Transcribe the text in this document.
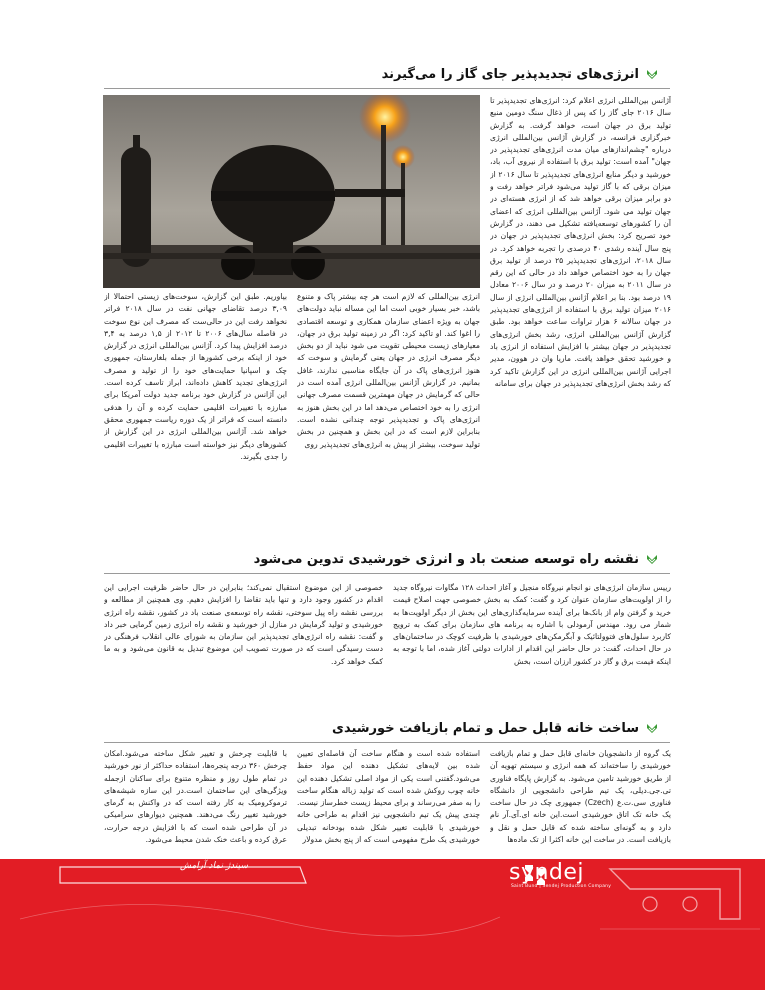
انرژی‌های تجدیدپذیر جای گاز را می‌گیرند
آژانس بین‌المللی انرژی اعلام کرد: انرژی‌های تجدیدپذیر تا سال ۲۰۱۶ جای گاز را که پس از ذغال سنگ دومین منبع تولید برق در جهان است، خواهد گرفت. به گزارش خبرگزاری فرانسه، در گزارش آژانس بین‌المللی انرژی درباره "چشم‌اندازهای میان مدت انرژی‌های تجدیدپذیر در جهان" آمده است: تولید برق با استفاده از نیروی آب، باد، خورشید و دیگر منابع انرژی‌های تجدیدپذیر تا سال ۲۰۱۶ از میزان برقی که با گاز تولید می‌شود فراتر خواهد رفت و دو برابر میزان برقی خواهد شد که از انرژی هسته‌ای در جهان تولید می شود. آژانس بین‌المللی انرژی که اعضای آن را کشورهای توسعه‌یافته تشکیل می دهند، در گزارش خود تصریح کرد: بخش انرژی‌های تجدیدپذیر در جهان در پنج سال آینده رشدی ۴۰ درصدی را تجربه خواهد کرد. در سال ۲۰۱۸، انرژی‌های تجدیدپذیر ۲۵ درصد از تولید برق جهان را به خود اختصاص خواهد داد در حالی که این رقم در سال ۲۰۱۱ به میزان ۲۰ درصد و در سال ۲۰۰۶ معادل ۱۹ درصد بود. بنا بر اعلام آژانس بین‌المللی انرژی از سال ۲۰۱۶ میزان تولید برق با استفاده از انرژی‌های تجدیدپذیر در جهان سالانه ۶ هزار تراوات ساعت خواهد بود. طبق گزارش آژانس بین‌المللی انرژی، رشد بخش انرژی‌های تجدیدپذیر در جهان بیشتر با افزایش استفاده از انرژی باد و خورشید تحقق خواهد یافت. ماریا وان در هوون، مدیر اجرایی آژانس بین‌المللی انرژی در این گزارش تاکید کرد که رشد بخش انرژی‌های تجدیدپذیر در جهان برای سامانه
انرژی بین‌المللی که لازم است هر چه بیشتر پاک و متنوع باشد، خبر بسیار خوبی است اما این مساله نباید دولت‌های جهان به ویژه اعضای سازمان همکاری و توسعه اقتصادی را اغوا کند. او تاکید کرد: اگر در زمینه تولید برق در جهان، معیارهای زیست محیطی تقویت می شود نباید از دو بخش دیگر مصرف انرژی در جهان یعنی گرمایش و سوخت که هنوز انرژی‌های پاک در آن جایگاه مناسبی ندارند، غافل بمانیم. در گزارش آژانس بین‌المللی انرژی آمده است در حالی که گرمایش در جهان مهمترین قسمت مصرف جهانی انرژی را به خود اختصاص می‌دهد اما در این بخش هنوز به انرژی‌های پاک و تجدیدپذیر توجه چندانی نشده است. بنابراین لازم است که در این بخش و همچنین در بخش تولید سوخت، بیشتر از پیش به انرژی‌های تجدیدپذیر روی
بیاوریم. طبق این گزارش، سوخت‌های زیستی احتمالا از ۳,۰۹ درصد تقاضای جهانی نفت در سال ۲۰۱۸ فراتر نخواهد رفت این در حالی‌ست که مصرف این نوع سوخت در فاصله سال‌های ۲۰۰۶ تا ۲۰۱۲ از ۱,۵ درصد به ۳,۴ درصد افزایش پیدا کرد. آژانس بین‌المللی انرژی در گزارش خود از اینکه برخی کشورها از جمله بلغارستان، جمهوری چک و اسپانیا حمایت‌های خود را از تولید و مصرف انرژی‌های تجدید کاهش داده‌اند، ابراز تاسف کرده است. این آژانس در گزارش خود برنامه جدید دولت آمریکا برای مبارزه با تغییرات اقلیمی حمایت کرده و آن را هدفی دانسته است که فراتر از یک دوره ریاست جمهوری محقق خواهد شد. آژانس بین‌المللی انرژی در این گزارش از کشورهای دیگر نیز خواسته است مبارزه با تغییرات اقلیمی را جدی بگیرند.
نقشه راه توسعه صنعت باد و انرژی خورشیدی تدوین می‌شود
رییس سازمان انرژی‌های نو انجام نیروگاه منجیل و آغاز احداث ۱۲۸ مگاوات نیروگاه جدید را از اولویت‌های سازمان عنوان کرد و گفت: کمک به بخش خصوصی جهت اصلاح قیمت خرید و گرفتن وام از بانک‌ها برای آینده سرمایه‌گذاری‌های این بخش از دیگر اولویت‌ها به شمار می رود. مهندس آرمودلی با اشاره به برنامه های سازمان برای کمک به ترویج کاربرد سلول‌های فتوولتائیک و آبگرمکن‌های خورشیدی با ظرفیت کوچک در ساختمان‌های در حال احداث، گفت: در حال حاضر این اقدام از ادارات دولتی آغاز شده، اما با توجه به اینکه قیمت برق و گاز در کشور ارزان است، بخش
خصوصی از این موضوع استقبال نمی‌کند؛ بنابراین در حال حاضر ظرفیت اجرایی این اقدام در کشور وجود دارد و تنها باید تقاضا را افزایش دهیم. وی همچنین از مطالعه و بررسی نقشه راه پیل سوختی، نقشه راه توسعه‌ی صنعت باد در کشور، نقشه راه انرژی خورشیدی و تولید گرمایش در منازل از خورشید و نقشه راه انرژی زمین گرمایی خبر داد و گفت: نقشه راه انرژی‌های تجدیدپذیر این سازمان به شورای عالی انقلاب فرهنگی در دست رسیدگی است که در صورت تصویب این موضوع تبدیل به قانون می‌شود و به ما کمک خواهد کرد.
ساخت خانه قابل حمل و تمام بازیافت خورشیدی
یک گروه از دانشجویان خانه‌ای قابل حمل و تمام بازیافت خورشیدی را ساخته‌اند که همه انرژی و سیستم تهویه آن از طریق خورشید تامین می‌شود. به گزارش پایگاه فناوری تی.جی.دیلی، یک تیم طراحی دانشجویی از دانشگاه فناوری سی.ت.ع (Czech) جمهوری چک در حال ساخت یک خانه تک اتاق خورشیدی است.این خانه ای.آی.آر نام دارد و به گونه‌ای ساخته شده که قابل حمل و نقل و بازیافت است. در ساخت این خانه اکثرا از تک ماده‌ها
استفاده شده است و هنگام ساخت آن فاصله‌ای تعیین شده بین لایه‌های تشکیل دهنده این مواد حفظ می‌شود.گفتنی است یکی از مواد اصلی تشکیل دهنده این خانه چوب روکش شده است که تولید زباله هنگام ساخت را به صفر می‌رساند و برای محیط زیست خطرساز نیست. چندی پیش یک تیم دانشجویی نیز اقدام به طراحی خانه خورشیدی با قابلیت تغییر شکل شده بودخانه تبدیلی خورشیدی یک طرح مفهومی است که از پنج بخش مدولار
با قابلیت چرخش و تغییر شکل ساخته می‌شود.امکان چرخش ۳۶۰ درجه پنجره‌ها، استفاده حداکثر از نور خورشید در تمام طول روز و منظره متنوع برای ساکنان ازجمله ویژگی‌های این ساختمان است.در این سازه شیشه‌های ترموکرومیک به کار رفته است که در واکنش به گرمای خورشید تغییر رنگ می‌دهند. همچنین دیوارهای سرامیکی در آن طراحی شده است که با افزایش درجه حرارت، عرق کرده و باعث خنک شدن محیط می‌شود.
syndej . Symbol of Tranquility
سیندژ نماد آرامش	syndej
Saint Bund | Sendej Production Company
